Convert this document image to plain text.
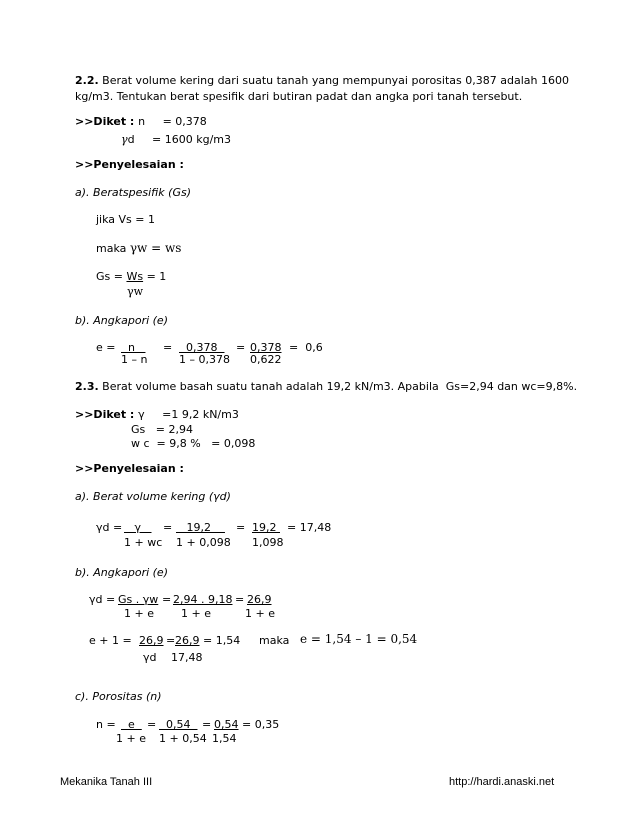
2.2. Berat volume kering dari suatu tanah yang mempunyai porositas 0,387 adalah 1600
kg/m3. Tentukan berat spesifik dari butiran padat dan angka pori tanah tersebut.
>>Diket : n     = 0,378
γd     = 1600 kg/m3
>>Penyelesaian :
a). Beratspesifik (Gs)
jika Vs = 1
maka γw = ws
Gs = Ws = 1
γw
b). Angkapori (e)
e = n
1 – n
= 0,378
1 – 0,378
= 0,378
0,622
=  0,6
2.3. Berat volume basah suatu tanah adalah 19,2 kN/m3. Apabila  Gs=2,94 dan wc=9,8%.
>>Diket : γ     =1 9,2 kN/m3
Gs   = 2,94
w c  = 9,8 %   = 0,098
>>Penyelesaian :
a). Berat volume kering (γd)
γd = γ
1 + wc
= 19,2
1 + 0,098
= 19,2
1,098
= 17,48
b). Angkapori (e)
γd = Gs . γw
1 + e
= 2,94 . 9,18
1 + e
= 26,9
1 + e
e + 1 = 26,9
γd
= 26,9
17,48
= 1,54 maka e = 1,54 – 1 = 0,54
c). Porositas (n)
n = e
1 + e
= 0,54
1 + 0,54
= 0,54
1,54
= 0,35
Mekanika Tanah III	http://hardi.anaski.net
